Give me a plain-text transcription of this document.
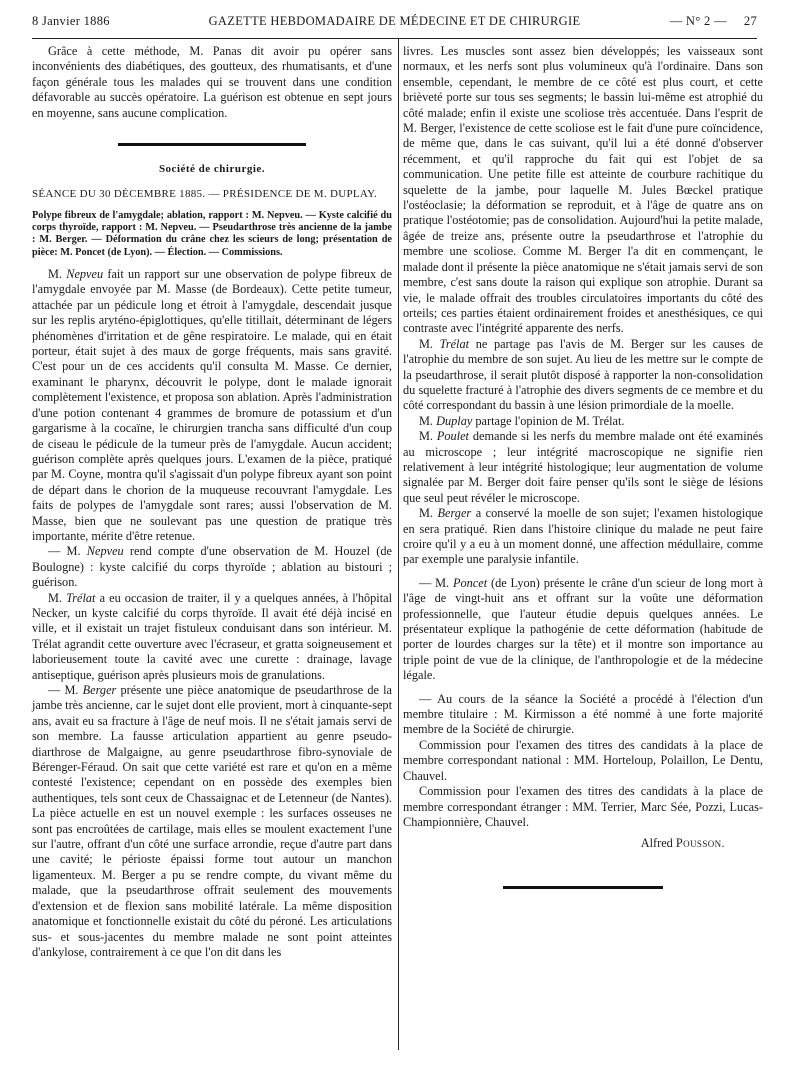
8 Janvier 1886	GAZETTE HEBDOMADAIRE DE MÉDECINE ET DE CHIRURGIE	— N° 2 — 27

Grâce à cette méthode, M. Panas dit avoir pu opérer sans inconvénients des diabétiques, des goutteux, des rhumatisants, et d'une façon générale tous les malades qui se trouvent dans une condition défavorable au succès opératoire. La guérison est obtenue en sept jours en moyenne, sans aucune complication.

Société de chirurgie.
SÉANCE DU 30 DÉCEMBRE 1885. — PRÉSIDENCE DE M. DUPLAY.
Polype fibreux de l'amygdale; ablation, rapport : M. Nepveu. — Kyste calcifié du corps thyroïde, rapport : M. Nepveu. — Pseudarthrose très ancienne de la jambe : M. Berger. — Déformation du crâne chez les scieurs de long; présentation de pièce: M. Poncet (de Lyon). — Élection. — Commissions.

M. Nepveu fait un rapport sur une observation de polype fibreux de l'amygdale envoyée par M. Masse (de Bordeaux). Cette petite tumeur, attachée par un pédicule long et étroit à l'amygdale, descendait jusque sur les replis aryténo-épiglottiques, qu'elle titillait, déterminant de légers phénomènes d'irritation et de gêne respiratoire. Le malade, qui en était porteur, était sujet à des maux de gorge fréquents, mais sans gravité. C'est pour un de ces accidents qu'il consulta M. Masse. Ce dernier, examinant le pharynx, découvrit le polype, dont le malade ignorait complètement l'existence, et proposa son ablation. Après l'administration d'une potion contenant 4 grammes de bromure de potassium et d'un gargarisme à la cocaïne, le chirurgien trancha sans difficulté d'un coup de ciseau le pédicule de la tumeur près de l'amygdale. Aucun accident; guérison complète après quelques jours. L'examen de la pièce, pratiqué par M. Coyne, montra qu'il s'agissait d'un polype fibreux ayant son point de départ dans le chorion de la muqueuse recouvrant l'amygdale. Les faits de polypes de l'amygdale sont rares; aussi l'observation de M. Masse, bien que ne soulevant pas une question de pratique très importante, mérite d'être retenue.

— M. Nepveu rend compte d'une observation de M. Houzel (de Boulogne) : kyste calcifié du corps thyroïde ; ablation au bistouri ; guérison.

M. Trélat a eu occasion de traiter, il y a quelques années, à l'hôpital Necker, un kyste calcifié du corps thyroïde. Il avait été déjà incisé en ville, et il existait un trajet fistuleux conduisant dans son intérieur. M. Trélat agrandit cette ouverture avec l'écraseur, et gratta soigneusement et laborieusement toute la cavité avec une curette : drainage, lavage antiseptique, guérison après plusieurs mois de granulations.

— M. Berger présente une pièce anatomique de pseudarthrose de la jambe très ancienne, car le sujet dont elle provient, mort à cinquante-sept ans, avait eu sa fracture à l'âge de neuf mois. Il ne s'était jamais servi de son membre. La fausse articulation appartient au genre pseudo-diarthrose de Malgaigne, au genre pseudarthrose fibro-synoviale de Bérenger-Féraud. On sait que cette variété est rare et qu'on en a même contesté l'existence; cependant on en possède des exemples bien authentiques, tels sont ceux de Chassaignac et de Letenneur (de Nantes). La pièce actuelle en est un nouvel exemple : les surfaces osseuses ne sont pas encroûtées de cartilage, mais elles se moulent exactement l'une sur l'autre, offrant d'un côté une surface arrondie, reçue d'autre part dans une cavité; le périoste épaissi forme tout autour un manchon ligamenteux. M. Berger a pu se rendre compte, du vivant même du malade, que la pseudarthrose offrait seulement des mouvements d'extension et de flexion sans mobilité latérale. La même disposition anatomique et fonctionnelle existait du côté du péroné. Les articulations sus- et sous-jacentes du membre malade ne sont point atteintes d'ankylose, contrairement à ce que l'on dit dans les

livres. Les muscles sont assez bien développés; les vaisseaux sont normaux, et les nerfs sont plus volumineux qu'à l'ordinaire. Dans son ensemble, cependant, le membre de ce côté est plus court, et cette brièveté porte sur tous ses segments; le bassin lui-même est atrophié du côté malade; enfin il existe une scoliose très accentuée. Dans l'esprit de M. Berger, l'existence de cette scoliose est le fait d'une pure coïncidence, de même que, dans le cas suivant, qu'il lui a été donné d'observer récemment, et qu'il rapproche du fait qui est l'objet de sa communication. Une petite fille est atteinte de courbure rachitique du squelette de la jambe, pour laquelle M. Jules Bœckel pratique l'ostéoclasie; la déformation se reproduit, et à l'âge de quatre ans on pratique l'ostéotomie; pas de consolidation. Aujourd'hui la petite malade, âgée de treize ans, présente outre la pseudarthrose et l'atrophie du membre une scoliose. Comme M. Berger l'a dit en commençant, le malade dont il présente la pièce anatomique ne s'était jamais servi de son membre, c'est sans doute la raison qui explique son atrophie. Durant sa vie, le malade offrait des troubles circulatoires importants du côté des orteils; ces parties étaient ordinairement froides et anesthésiques, ce qui contraste avec l'intégrité apparente des nerfs.

M. Trélat ne partage pas l'avis de M. Berger sur les causes de l'atrophie du membre de son sujet. Au lieu de les mettre sur le compte de la pseudarthrose, il serait plutôt disposé à rapporter la non-consolidation du squelette fracturé à l'atrophie des divers segments de ce membre et du côté correspondant du bassin à une lésion primordiale de la moelle.

M. Duplay partage l'opinion de M. Trélat.

M. Poulet demande si les nerfs du membre malade ont été examinés au microscope ; leur intégrité macroscopique ne signifie rien relativement à leur intégrité histologique; leur augmentation de volume signalée par M. Berger doit faire penser qu'ils sont le siège de lésions que seul peut révéler le microscope.

M. Berger a conservé la moelle de son sujet; l'examen histologique en sera pratiqué. Rien dans l'histoire clinique du malade ne peut faire croire qu'il y a eu à un moment donné, une affection médullaire, comme par exemple une paralysie infantile.

— M. Poncet (de Lyon) présente le crâne d'un scieur de long mort à l'âge de vingt-huit ans et offrant sur la voûte une déformation professionnelle, que l'auteur étudie depuis quelques années. Le présentateur explique la pathogénie de cette déformation (habitude de porter de lourdes charges sur la tête) et il montre son importance au triple point de vue de la clinique, de l'anthropologie et de la médecine légale.

— Au cours de la séance la Société a procédé à l'élection d'un membre titulaire : M. Kirmisson a été nommé à une forte majorité membre de la Société de chirurgie.

Commission pour l'examen des titres des candidats à la place de membre correspondant national : MM. Horteloup, Polaillon, Le Dentu, Chauvel.

Commission pour l'examen des titres des candidats à la place de membre correspondant étranger : MM. Terrier, Marc Sée, Pozzi, Lucas-Championnière, Chauvel.

Alfred Pousson.
